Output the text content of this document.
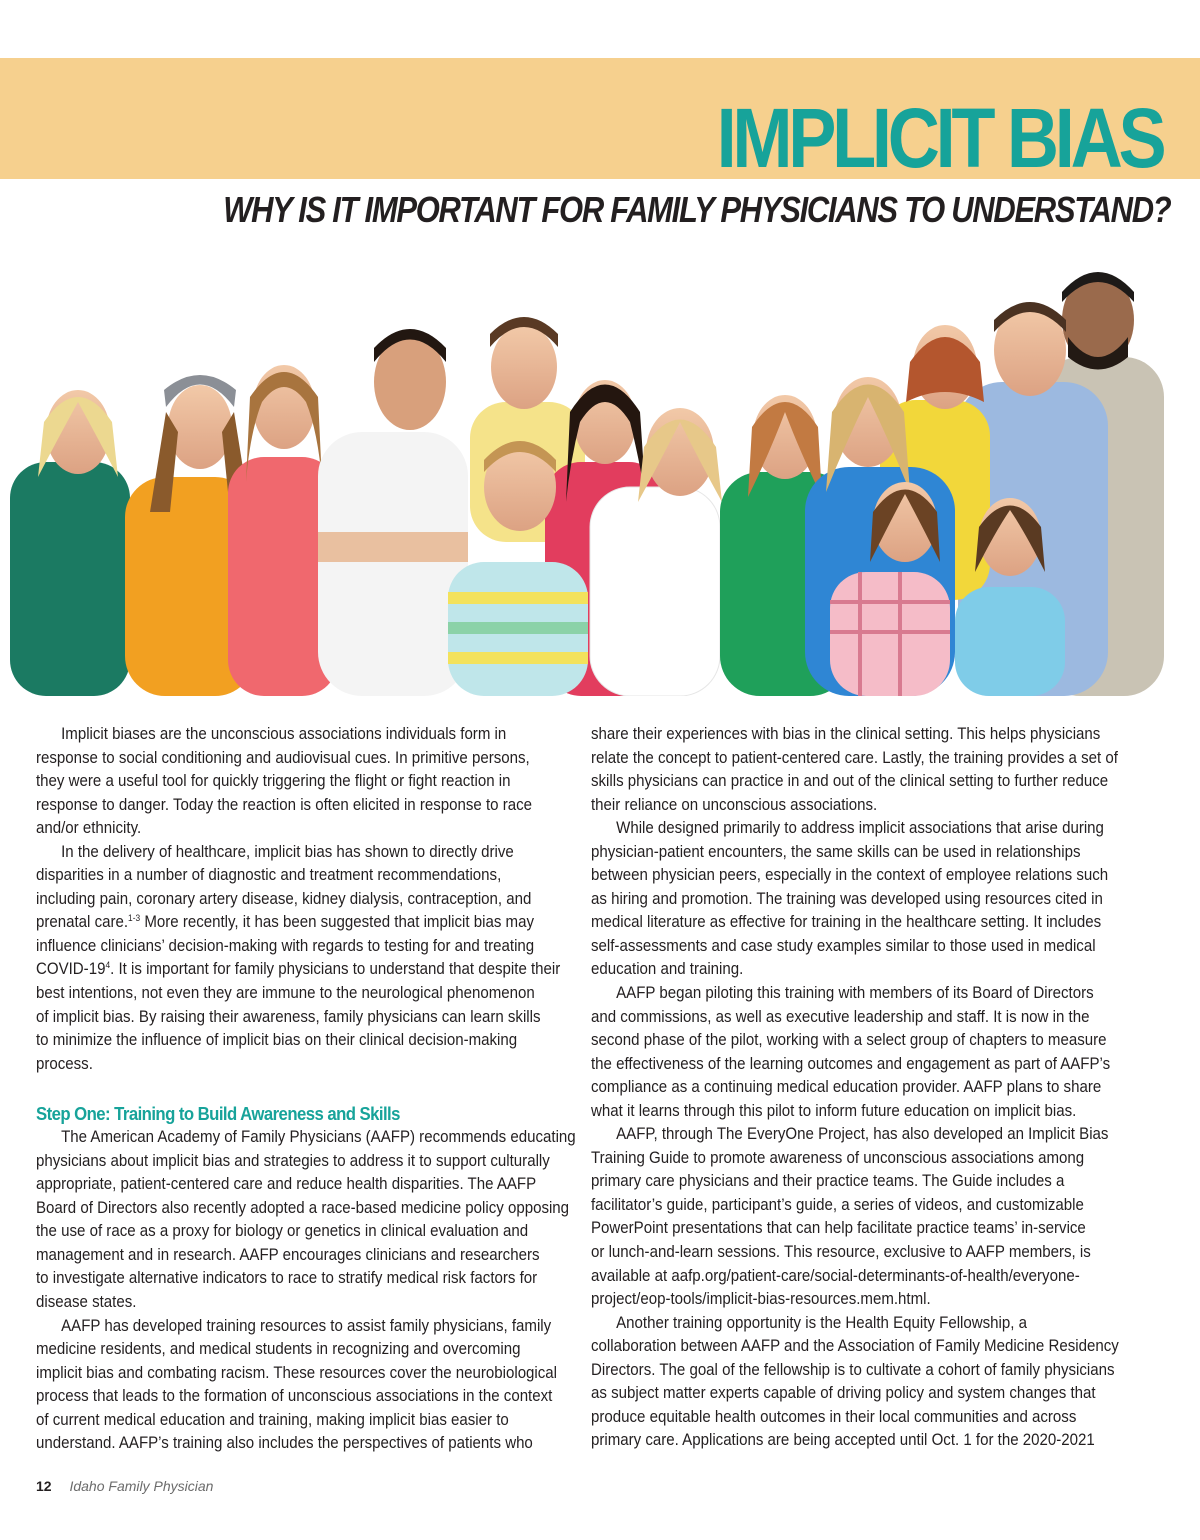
IMPLICIT BIAS
WHY IS IT IMPORTANT FOR FAMILY PHYSICIANS TO UNDERSTAND?

Implicit biases are the unconscious associations individuals form in

response to social conditioning and audiovisual cues. In primitive persons,

they were a useful tool for quickly triggering the flight or fight reaction in

response to danger. Today the reaction is often elicited in response to race

and/or ethnicity.

In the delivery of healthcare, implicit bias has shown to directly drive

disparities in a number of diagnostic and treatment recommendations,

including pain, coronary artery disease, kidney dialysis, contraception, and

prenatal care.$^{1-3}$ More recently, it has been suggested that implicit bias may

influence clinicians’ decision-making with regards to testing for and treating

COVID-$19^4$. It is important for family physicians to understand that despite their

best intentions, not even they are immune to the neurological phenomenon

of implicit bias. By raising their awareness, family physicians can learn skills

to minimize the influence of implicit bias on their clinical decision-making

process.

Step One: Training to Build Awareness and Skills

The American Academy of Family Physicians (AAFP) recommends educating

physicians about implicit bias and strategies to address it to support culturally

appropriate, patient-centered care and reduce health disparities. The AAFP

Board of Directors also recently adopted a race-based medicine policy opposing

the use of race as a proxy for biology or genetics in clinical evaluation and

management and in research. AAFP encourages clinicians and researchers

to investigate alternative indicators to race to stratify medical risk factors for

disease states.

AAFP has developed training resources to assist family physicians, family

medicine residents, and medical students in recognizing and overcoming

implicit bias and combating racism. These resources cover the neurobiological

process that leads to the formation of unconscious associations in the context

of current medical education and training, making implicit bias easier to

understand. AAFP’s training also includes the perspectives of patients who

share their experiences with bias in the clinical setting. This helps physicians

relate the concept to patient-centered care. Lastly, the training provides a set of

skills physicians can practice in and out of the clinical setting to further reduce

their reliance on unconscious associations.

While designed primarily to address implicit associations that arise during

physician-patient encounters, the same skills can be used in relationships

between physician peers, especially in the context of employee relations such

as hiring and promotion. The training was developed using resources cited in

medical literature as effective for training in the healthcare setting. It includes

self-assessments and case study examples similar to those used in medical

education and training.

AAFP began piloting this training with members of its Board of Directors

and commissions, as well as executive leadership and staff. It is now in the

second phase of the pilot, working with a select group of chapters to measure

the effectiveness of the learning outcomes and engagement as part of AAFP’s

compliance as a continuing medical education provider. AAFP plans to share

what it learns through this pilot to inform future education on implicit bias.

AAFP, through The EveryOne Project, has also developed an Implicit Bias

Training Guide to promote awareness of unconscious associations among

primary care physicians and their practice teams. The Guide includes a

facilitator’s guide, participant’s guide, a series of videos, and customizable

PowerPoint presentations that can help facilitate practice teams’ in-service

or lunch-and-learn sessions. This resource, exclusive to AAFP members, is

available at aafp.org/patient-care/social-determinants-of-health/everyone-

project/eop-tools/implicit-bias-resources.mem.html.

Another training opportunity is the Health Equity Fellowship, a

collaboration between AAFP and the Association of Family Medicine Residency

Directors. The goal of the fellowship is to cultivate a cohort of family physicians

as subject matter experts capable of driving policy and system changes that

produce equitable health outcomes in their local communities and across

primary care. Applications are being accepted until Oct. 1 for the 2020-2021

12 Idaho Family Physician
